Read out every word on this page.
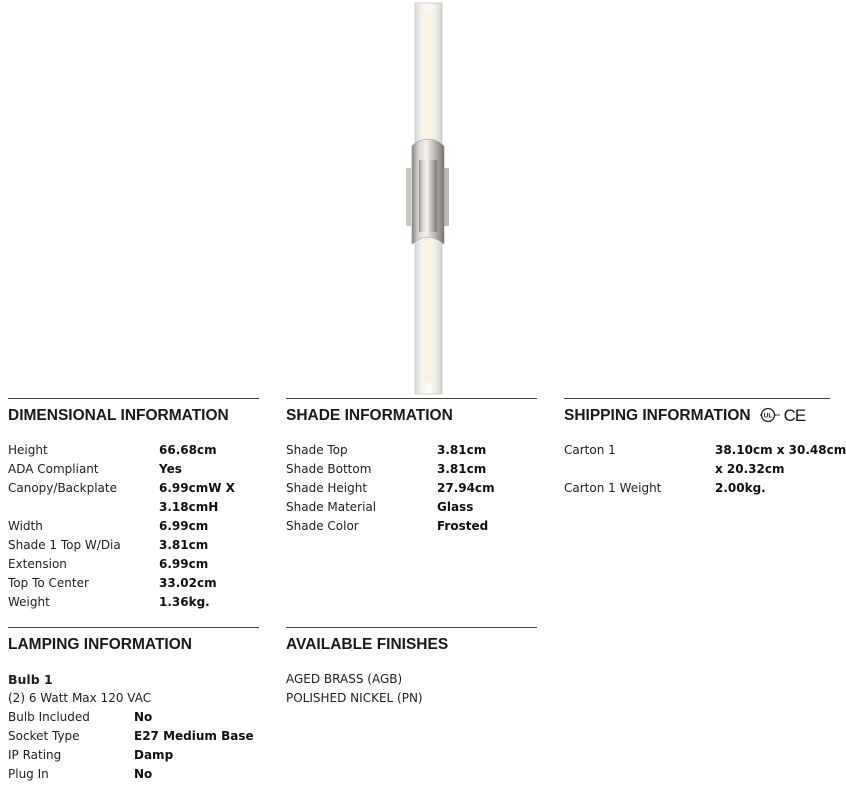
DIMENSIONAL INFORMATION
Height	66.68cm
ADA Compliant	Yes
Canopy/Backplate	6.99cmW X
3.18cmH
Width	6.99cm
Shade 1 Top W/Dia	3.81cm
Extension	6.99cm
Top To Center	33.02cm
Weight	1.36kg.
SHADE INFORMATION
Shade Top	3.81cm
Shade Bottom	3.81cm
Shade Height	27.94cm
Shade Material	Glass
Shade Color	Frosted
SHIPPING INFORMATION UL
c	us CE
Carton 1	38.10cm x 30.48cm
x 20.32cm
Carton 1 Weight	2.00kg.
LAMPING INFORMATION
Bulb 1
(2) 6 Watt Max 120 VAC
Bulb Included	No
Socket Type	E27 Medium Base
IP Rating	Damp
Plug In	No
AVAILABLE FINISHES
AGED BRASS (AGB)
POLISHED NICKEL (PN)
